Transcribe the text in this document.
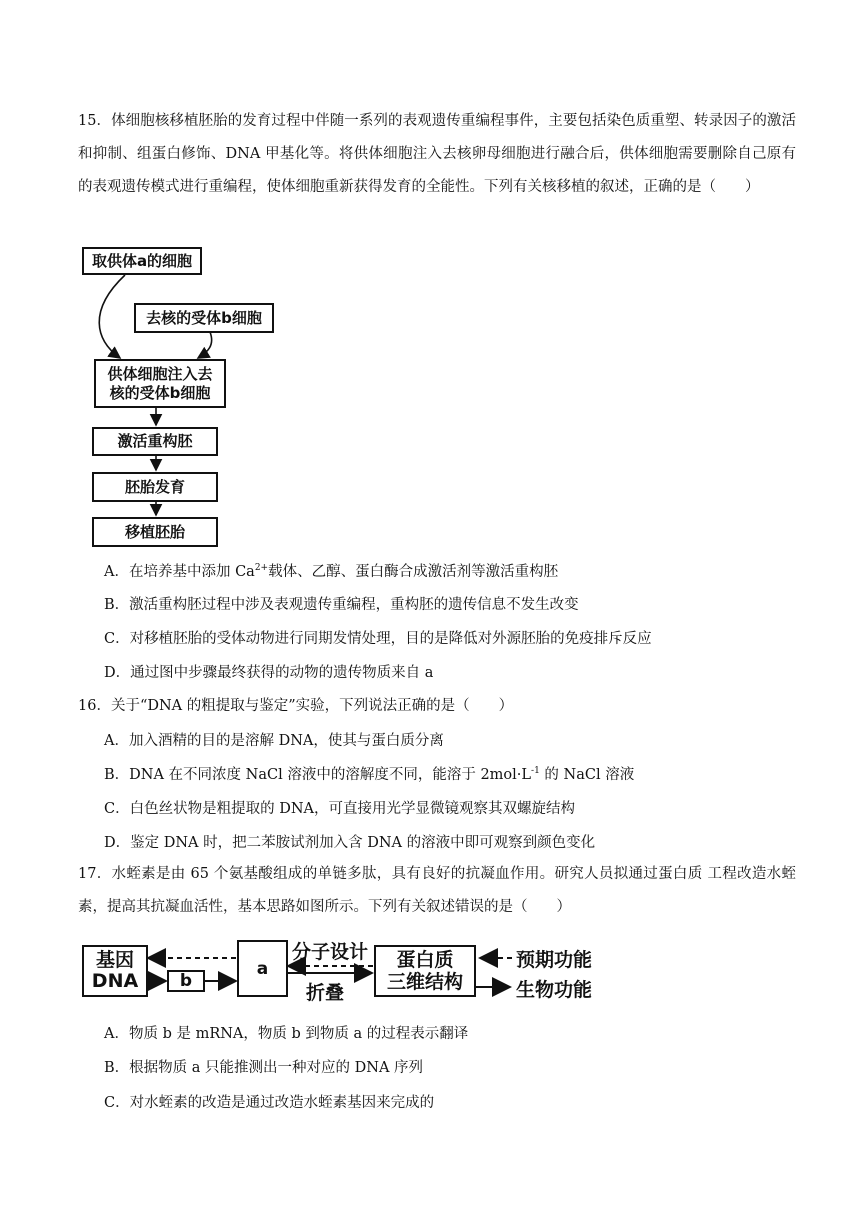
15．体细胞核移植胚胎的发育过程中伴随一系列的表观遗传重编程事件，主要包括染色质重塑、转录因子的激活和抑制、组蛋白修饰、DNA 甲基化等。将供体细胞注入去核卵母细胞进行融合后，供体细胞需要删除自己原有的表观遗传模式进行重编程，使体细胞重新获得发育的全能性。下列有关核移植的叙述，正确的是（　　）
取供体a的细胞
去核的受体b细胞
供体细胞注入去核的受体b细胞
激活重构胚
胚胎发育
移植胚胎
A．在培养基中添加 $Ca^{2+}$载体、乙醇、蛋白酶合成激活剂等激活重构胚
B．激活重构胚过程中涉及表观遗传重编程，重构胚的遗传信息不发生改变
C．对移植胚胎的受体动物进行同期发情处理，目的是降低对外源胚胎的免疫排斥反应
D．通过图中步骤最终获得的动物的遗传物质来自 a
16．关于“DNA 的粗提取与鉴定”实验，下列说法正确的是（　　）
A．加入酒精的目的是溶解 DNA，使其与蛋白质分离
B．DNA 在不同浓度 NaCl 溶液中的溶解度不同，能溶于 $2mol\cdot L^{-1}$ 的 NaCl 溶液
C．白色丝状物是粗提取的 DNA，可直接用光学显微镜观察其双螺旋结构
D．鉴定 DNA 时，把二苯胺试剂加入含 DNA 的溶液中即可观察到颜色变化
17．水蛭素是由 65 个氨基酸组成的单链多肽，具有良好的抗凝血作用。研究人员拟通过蛋白质 工程改造水蛭素，提高其抗凝血活性，基本思路如图所示。下列有关叙述错误的是（　　）
基因
DNA	b
a
分子设计
折叠
蛋白质
三维结构
预期功能
生物功能
A．物质 b 是 mRNA，物质 b 到物质 a 的过程表示翻译
B．根据物质 a 只能推测出一种对应的 DNA 序列
C．对水蛭素的改造是通过改造水蛭素基因来完成的
